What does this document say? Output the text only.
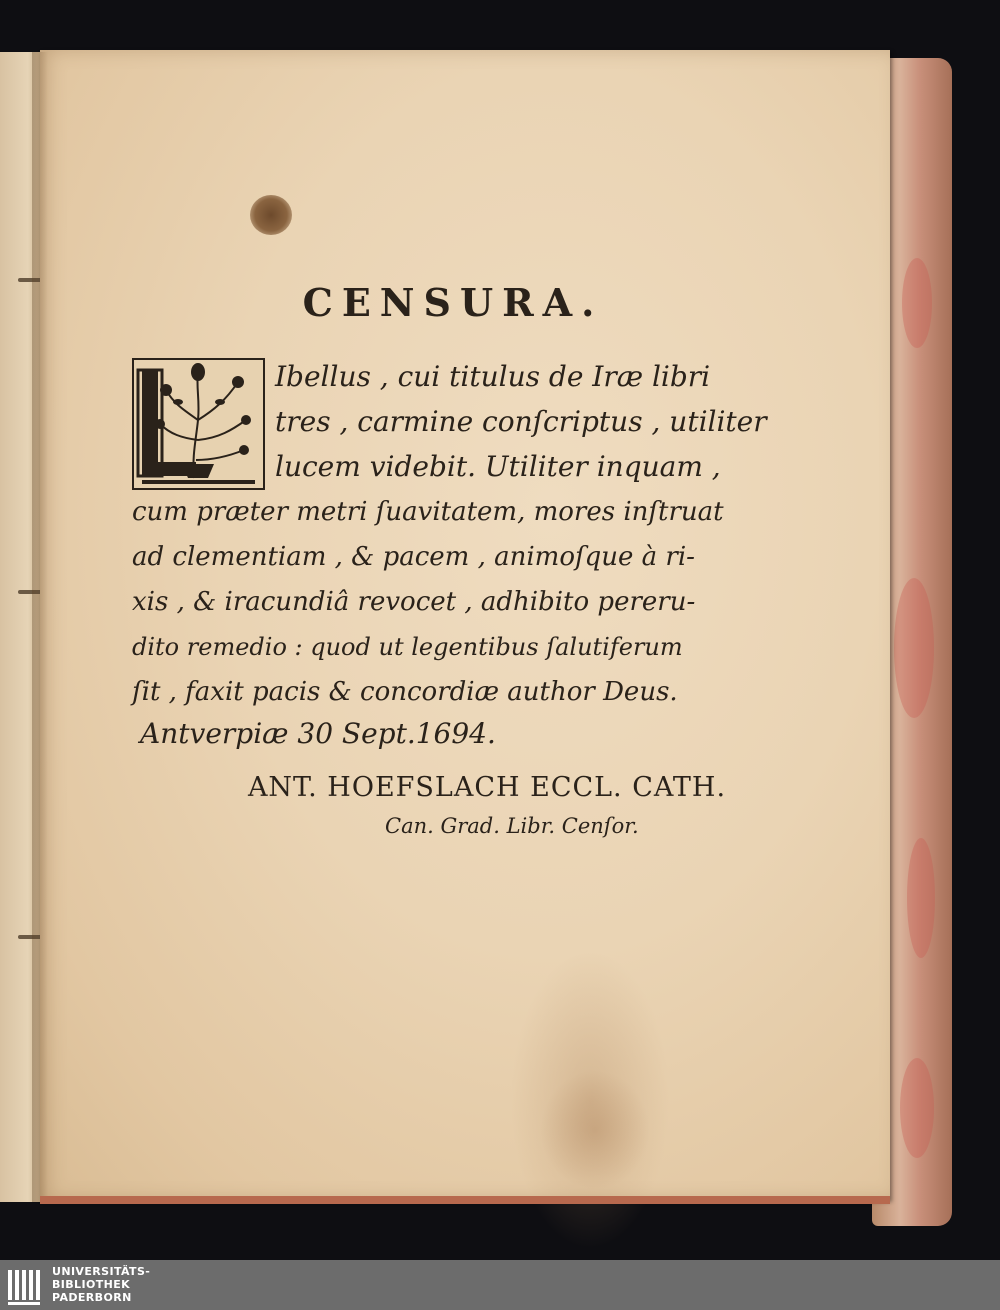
CENSURA.
Ibellus , cui titulus de Iræ libri
tres , carmine conſcriptus , utiliter
lucem videbit. Utiliter inquam ,
cum præter metri ſuavitatem, mores inſtruat
ad clementiam , & pacem , animoſque à ri-
xis , & iracundiâ revocet , adhibito pereru-
dito remedio : quod ut legentibus ſalutiferum
ſit , faxit pacis & concordiæ author Deus.
Antverpiæ 30 Sept.1694.
ANT. HOEFSLACH ECCL. CATH.
Can. Grad. Libr. Cenſor.
UNIVERSITÄTS-
BIBLIOTHEK
PADERBORN
